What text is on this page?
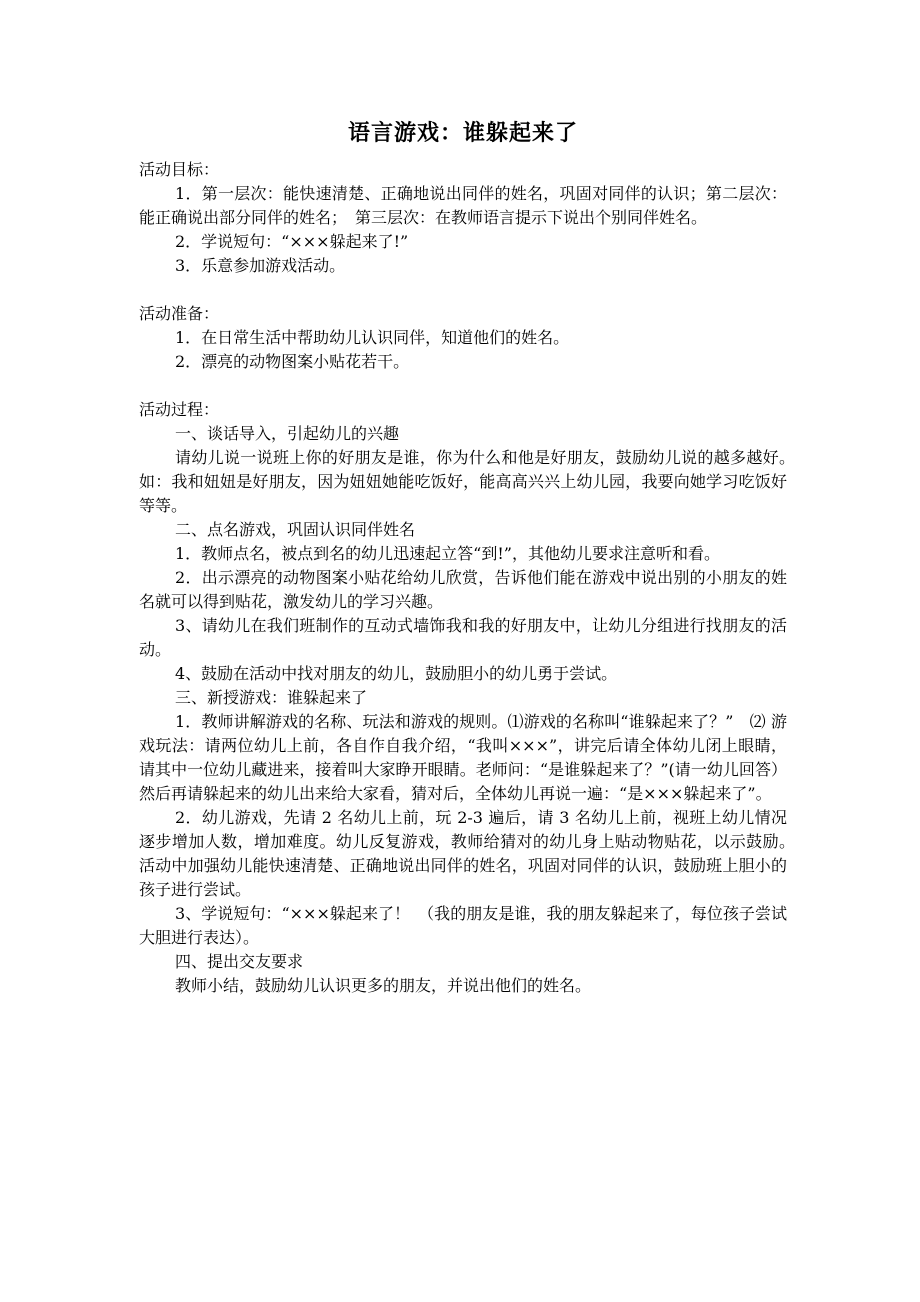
语言游戏：谁躲起来了

活动目标：

1．第一层次：能快速清楚、正确地说出同伴的姓名，巩固对同伴的认识；第二层次：能正确说出部分同伴的姓名；　第三层次：在教师语言提示下说出个别同伴姓名。

2．学说短句：“×××躲起来了!”

3．乐意参加游戏活动。

活动准备：

1．在日常生活中帮助幼儿认识同伴，知道他们的姓名。

2．漂亮的动物图案小贴花若干。

活动过程：

一、谈话导入，引起幼儿的兴趣

请幼儿说一说班上你的好朋友是谁，你为什么和他是好朋友，鼓励幼儿说的越多越好。　如：我和妞妞是好朋友，因为妞妞她能吃饭好，能高高兴兴上幼儿园，我要向她学习吃饭好等等。

二、点名游戏，巩固认识同伴姓名

1．教师点名，被点到名的幼儿迅速起立答“到!”，其他幼儿要求注意听和看。

2．出示漂亮的动物图案小贴花给幼儿欣赏，告诉他们能在游戏中说出别的小朋友的姓名就可以得到贴花，激发幼儿的学习兴趣。

3、请幼儿在我们班制作的互动式墙饰我和我的好朋友中，让幼儿分组进行找朋友的活动。

4、鼓励在活动中找对朋友的幼儿，鼓励胆小的幼儿勇于尝试。

三、新授游戏：谁躲起来了

1．教师讲解游戏的名称、玩法和游戏的规则。⑴游戏的名称叫“谁躲起来了？”　⑵ 游戏玩法：请两位幼儿上前，各自作自我介绍，“我叫×××”，讲完后请全体幼儿闭上眼睛，请其中一位幼儿藏进来，接着叫大家睁开眼睛。老师问：“是谁躲起来了？”(请一幼儿回答）然后再请躲起来的幼儿出来给大家看，猜对后，全体幼儿再说一遍：“是×××躲起来了”。

2．幼儿游戏，先请 2 名幼儿上前，玩 2-3 遍后，请 3 名幼儿上前，视班上幼儿情况逐步增加人数，增加难度。幼儿反复游戏，教师给猜对的幼儿身上贴动物贴花，以示鼓励。　活动中加强幼儿能快速清楚、正确地说出同伴的姓名，巩固对同伴的认识，鼓励班上胆小的孩子进行尝试。

3、学说短句：“×××躲起来了！　（我的朋友是谁，我的朋友躲起来了，每位孩子尝试大胆进行表达）。

四、提出交友要求

教师小结，鼓励幼儿认识更多的朋友，并说出他们的姓名。
